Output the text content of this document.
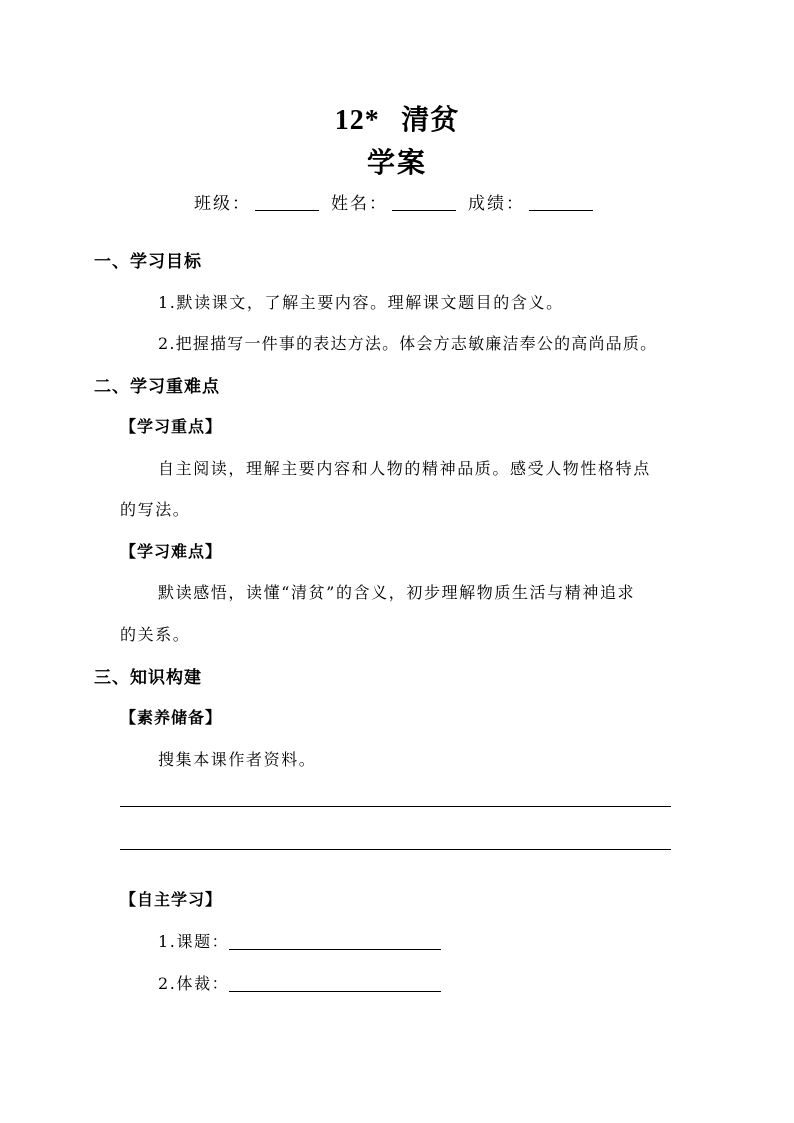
12* 清贫
学案
班级：	姓名：	成绩：
一、学习目标
1.默读课文，了解主要内容。理解课文题目的含义。
2.把握描写一件事的表达方法。体会方志敏廉洁奉公的高尚品质。
二、学习重难点
【学习重点】
自主阅读，理解主要内容和人物的精神品质。感受人物性格特点
的写法。
【学习难点】
默读感悟，读懂“清贫”的含义，初步理解物质生活与精神追求
的关系。
三、知识构建
【素养储备】
搜集本课作者资料。
【自主学习】
1.课题：
2.体裁：
